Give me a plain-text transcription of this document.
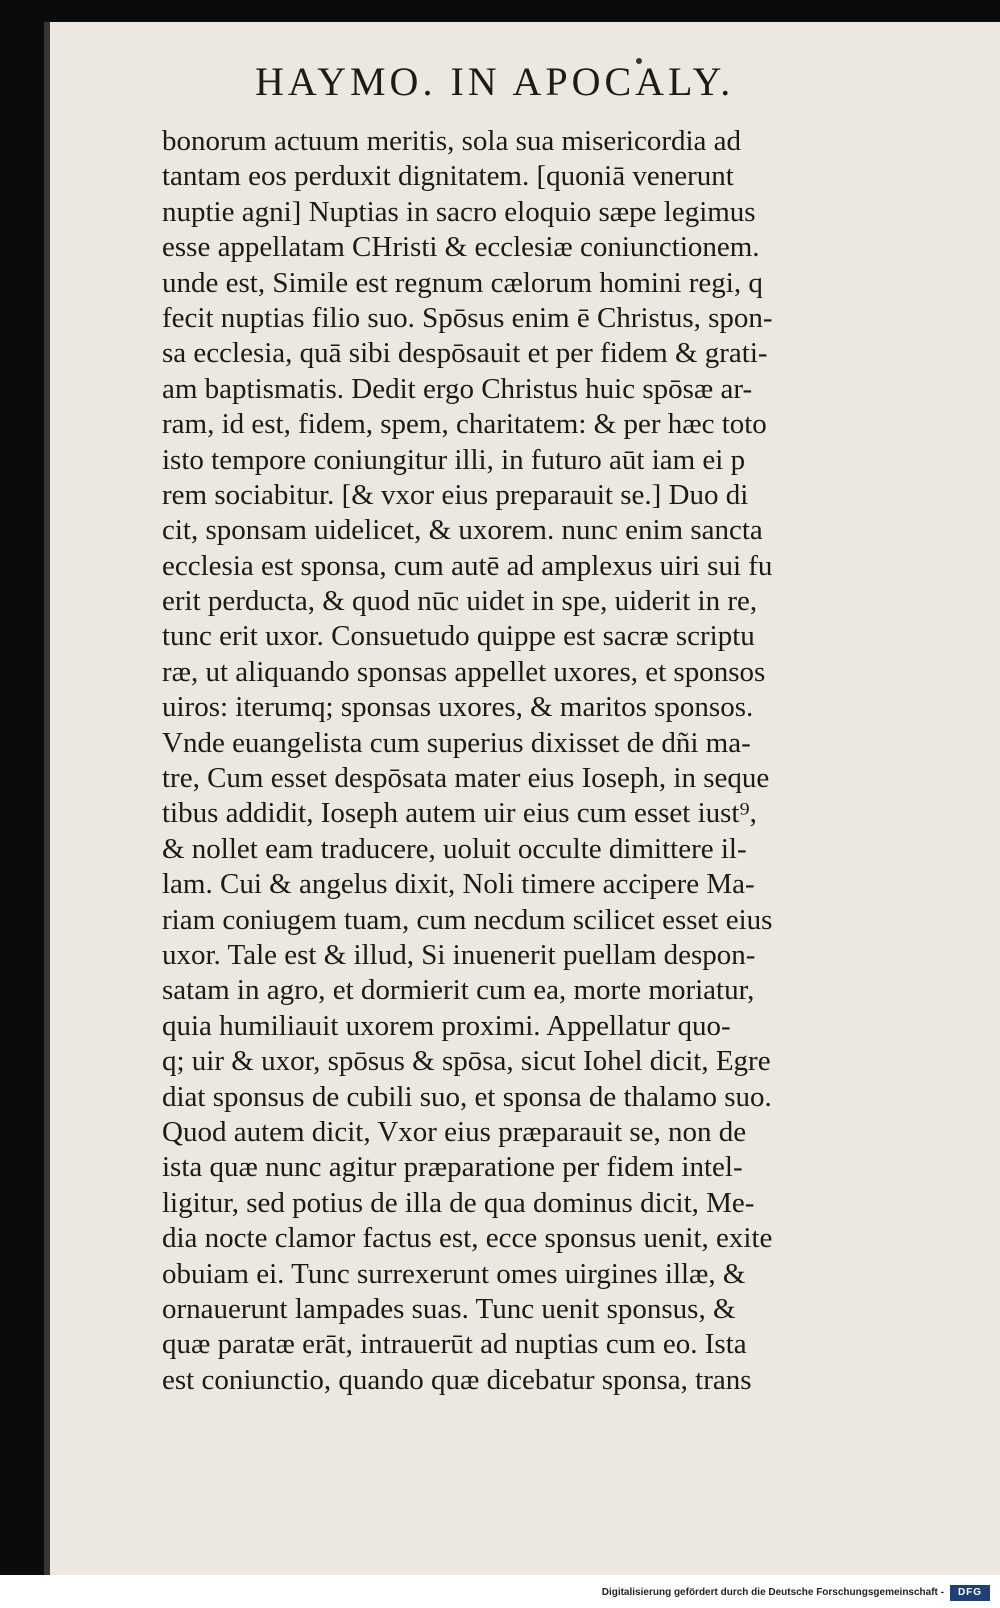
HAYMO. IN APOCALY.
bonorum actuum meritis, sola sua misericordia ad
tantam eos perduxit dignitatem. [quoniā venerunt
nuptie agni] Nuptias in sacro eloquio sæpe legimus
esse appellatam CHristi & ecclesiæ coniunctionem.
unde est, Simile est regnum cælorum homini regi, q
fecit nuptias filio suo. Spōsus enim ē Christus, spon-
sa ecclesia, quā sibi despōsauit et per fidem & grati-
am baptismatis. Dedit ergo Christus huic spōsæ ar-
ram, id est, fidem, spem, charitatem: & per hæc toto
isto tempore coniungitur illi, in futuro aūt iam ei p
rem sociabitur. [& vxor eius preparauit se.] Duo di
cit, sponsam uidelicet, & uxorem. nunc enim sancta
ecclesia est sponsa, cum autē ad amplexus uiri sui fu
erit perducta, & quod nūc uidet in spe, uiderit in re,
tunc erit uxor. Consuetudo quippe est sacræ scriptu
ræ, ut aliquando sponsas appellet uxores, et sponsos
uiros: iterumq; sponsas uxores, & maritos sponsos.
Vnde euangelista cum superius dixisset de dñi ma-
tre, Cum esset despōsata mater eius Ioseph, in seque
tibus addidit, Ioseph autem uir eius cum esset iust⁹,
& nollet eam traducere, uoluit occulte dimittere il-
lam. Cui & angelus dixit, Noli timere accipere Ma-
riam coniugem tuam, cum necdum scilicet esset eius
uxor. Tale est & illud, Si inuenerit puellam despon-
satam in agro, et dormierit cum ea, morte moriatur,
quia humiliauit uxorem proximi. Appellatur quo-
q; uir & uxor, spōsus & spōsa, sicut Iohel dicit, Egre
diat sponsus de cubili suo, et sponsa de thalamo suo.
Quod autem dicit, Vxor eius præparauit se, non de
ista quæ nunc agitur præparatione per fidem intel-
ligitur, sed potius de illa de qua dominus dicit, Me-
dia nocte clamor factus est, ecce sponsus uenit, exite
obuiam ei. Tunc surrexerunt omes uirgines illæ, &
ornauerunt lampades suas. Tunc uenit sponsus, &
quæ paratæ erāt, intrauerūt ad nuptias cum eo. Ista
est coniunctio, quando quæ dicebatur sponsa, trans
Digitalisierung gefördert durch die Deutsche Forschungsgemeinschaft -	DFG
